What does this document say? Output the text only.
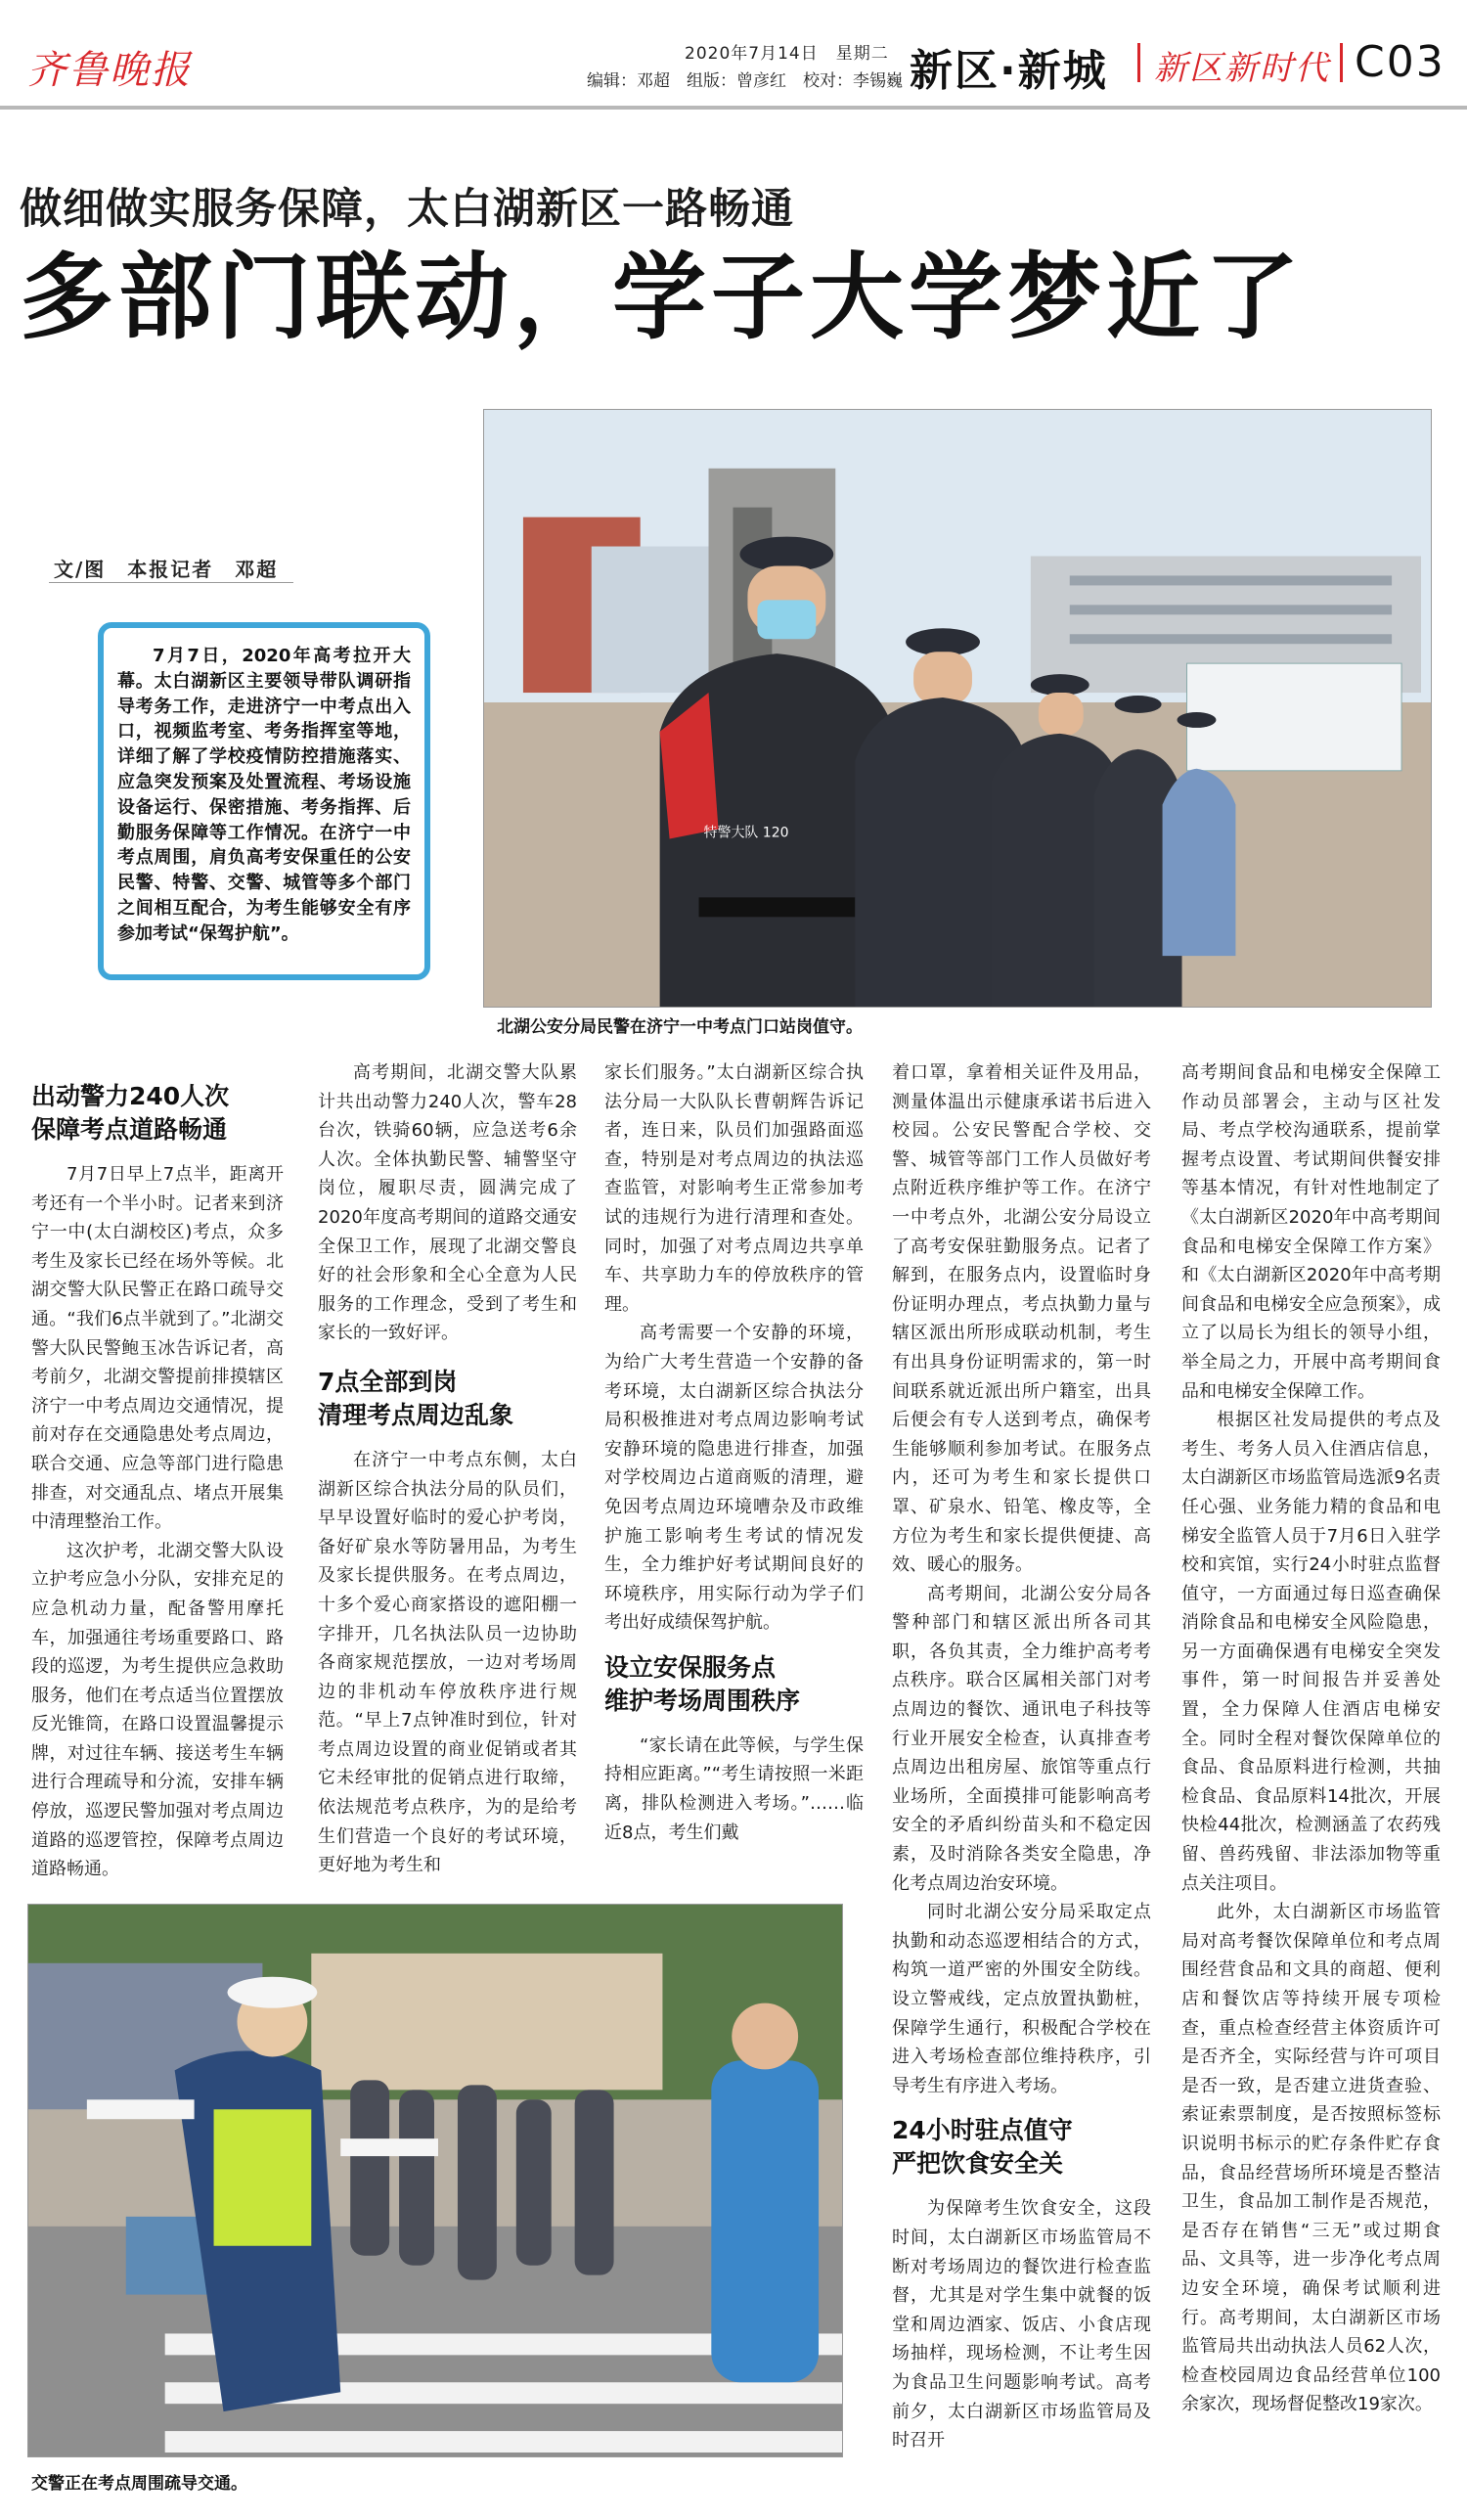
齐鲁晚报	2020年7月14日　星期二
编辑：邓超　组版：曾彦红　校对：李锡巍 新区·新城 新区新时代 C03
做细做实服务保障，太白湖新区一路畅通
多部门联动，学子大学梦近了
特警大队 120
北湖公安分局民警在济宁一中考点门口站岗值守。
文/图　本报记者　邓超

7月7日，2020年高考拉开大幕。太白湖新区主要领导带队调研指导考务工作，走进济宁一中考点出入口，视频监考室、考务指挥室等地，详细了解了学校疫情防控措施落实、应急突发预案及处置流程、考场设施设备运行、保密措施、考务指挥、后勤服务保障等工作情况。在济宁一中考点周围，肩负高考安保重任的公安民警、特警、交警、城管等多个部门之间相互配合，为考生能够安全有序参加考试“保驾护航”。

出动警力240人次
保障考点道路畅通

7月7日早上7点半，距离开考还有一个半小时。记者来到济宁一中(太白湖校区)考点，众多考生及家长已经在场外等候。北湖交警大队民警正在路口疏导交通。“我们6点半就到了。”北湖交警大队民警鲍玉冰告诉记者，高考前夕，北湖交警提前排摸辖区济宁一中考点周边交通情况，提前对存在交通隐患处考点周边，联合交通、应急等部门进行隐患排查，对交通乱点、堵点开展集中清理整治工作。

这次护考，北湖交警大队设立护考应急小分队，安排充足的应急机动力量，配备警用摩托车，加强通往考场重要路口、路段的巡逻，为考生提供应急救助服务，他们在考点适当位置摆放反光锥筒，在路口设置温馨提示牌，对过往车辆、接送考生车辆进行合理疏导和分流，安排车辆停放，巡逻民警加强对考点周边道路的巡逻管控，保障考点周边道路畅通。

高考期间，北湖交警大队累计共出动警力240人次，警车28台次，铁骑60辆，应急送考6余人次。全体执勤民警、辅警坚守岗位，履职尽责，圆满完成了2020年度高考期间的道路交通安全保卫工作，展现了北湖交警良好的社会形象和全心全意为人民服务的工作理念，受到了考生和家长的一致好评。

7点全部到岗
清理考点周边乱象

在济宁一中考点东侧，太白湖新区综合执法分局的队员们，早早设置好临时的爱心护考岗，备好矿泉水等防暑用品，为考生及家长提供服务。在考点周边，十多个爱心商家搭设的遮阳棚一字排开，几名执法队员一边协助各商家规范摆放，一边对考场周边的非机动车停放秩序进行规范。“早上7点钟准时到位，针对考点周边设置的商业促销或者其它未经审批的促销点进行取缔，依法规范考点秩序，为的是给考生们营造一个良好的考试环境，更好地为考生和

家长们服务。”太白湖新区综合执法分局一大队队长曹朝辉告诉记者，连日来，队员们加强路面巡查，特别是对考点周边的执法巡查监管，对影响考生正常参加考试的违规行为进行清理和查处。同时，加强了对考点周边共享单车、共享助力车的停放秩序的管理。

高考需要一个安静的环境，为给广大考生营造一个安静的备考环境，太白湖新区综合执法分局积极推进对考点周边影响考试安静环境的隐患进行排查，加强对学校周边占道商贩的清理，避免因考点周边环境嘈杂及市政维护施工影响考生考试的情况发生，全力维护好考试期间良好的环境秩序，用实际行动为学子们考出好成绩保驾护航。

设立安保服务点
维护考场周围秩序

“家长请在此等候，与学生保持相应距离。”“考生请按照一米距离，排队检测进入考场。”……临近8点，考生们戴

着口罩，拿着相关证件及用品，测量体温出示健康承诺书后进入校园。公安民警配合学校、交警、城管等部门工作人员做好考点附近秩序维护等工作。在济宁一中考点外，北湖公安分局设立了高考安保驻勤服务点。记者了解到，在服务点内，设置临时身份证明办理点，考点执勤力量与辖区派出所形成联动机制，考生有出具身份证明需求的，第一时间联系就近派出所户籍室，出具后便会有专人送到考点，确保考生能够顺利参加考试。在服务点内，还可为考生和家长提供口罩、矿泉水、铅笔、橡皮等，全方位为考生和家长提供便捷、高效、暖心的服务。

高考期间，北湖公安分局各警种部门和辖区派出所各司其职，各负其责，全力维护高考考点秩序。联合区属相关部门对考点周边的餐饮、通讯电子科技等行业开展安全检查，认真排查考点周边出租房屋、旅馆等重点行业场所，全面摸排可能影响高考安全的矛盾纠纷苗头和不稳定因素，及时消除各类安全隐患，净化考点周边治安环境。

同时北湖公安分局采取定点执勤和动态巡逻相结合的方式，构筑一道严密的外围安全防线。设立警戒线，定点放置执勤桩，保障学生通行，积极配合学校在进入考场检查部位维持秩序，引导考生有序进入考场。

24小时驻点值守
严把饮食安全关

为保障考生饮食安全，这段时间，太白湖新区市场监管局不断对考场周边的餐饮进行检查监督，尤其是对学生集中就餐的饭堂和周边酒家、饭店、小食店现场抽样，现场检测，不让考生因为食品卫生问题影响考试。高考前夕，太白湖新区市场监管局及时召开

高考期间食品和电梯安全保障工作动员部署会，主动与区社发局、考点学校沟通联系，提前掌握考点设置、考试期间供餐安排等基本情况，有针对性地制定了《太白湖新区2020年中高考期间食品和电梯安全保障工作方案》和《太白湖新区2020年中高考期间食品和电梯安全应急预案》，成立了以局长为组长的领导小组，举全局之力，开展中高考期间食品和电梯安全保障工作。

根据区社发局提供的考点及考生、考务人员入住酒店信息，太白湖新区市场监管局选派9名责任心强、业务能力精的食品和电梯安全监管人员于7月6日入驻学校和宾馆，实行24小时驻点监督值守，一方面通过每日巡查确保消除食品和电梯安全风险隐患，另一方面确保遇有电梯安全突发事件，第一时间报告并妥善处置，全力保障人住酒店电梯安全。同时全程对餐饮保障单位的食品、食品原料进行检测，共抽检食品、食品原料14批次，开展快检44批次，检测涵盖了农药残留、兽药残留、非法添加物等重点关注项目。

此外，太白湖新区市场监管局对高考餐饮保障单位和考点周围经营食品和文具的商超、便利店和餐饮店等持续开展专项检查，重点检查经营主体资质许可是否齐全，实际经营与许可项目是否一致，是否建立进货查验、索证索票制度，是否按照标签标识说明书标示的贮存条件贮存食品，食品经营场所环境是否整洁卫生，食品加工制作是否规范，是否存在销售“三无”或过期食品、文具等，进一步净化考点周边安全环境，确保考试顺利进行。高考期间，太白湖新区市场监管局共出动执法人员62人次，检查校园周边食品经营单位100余家次，现场督促整改19家次。

交警正在考点周围疏导交通。
